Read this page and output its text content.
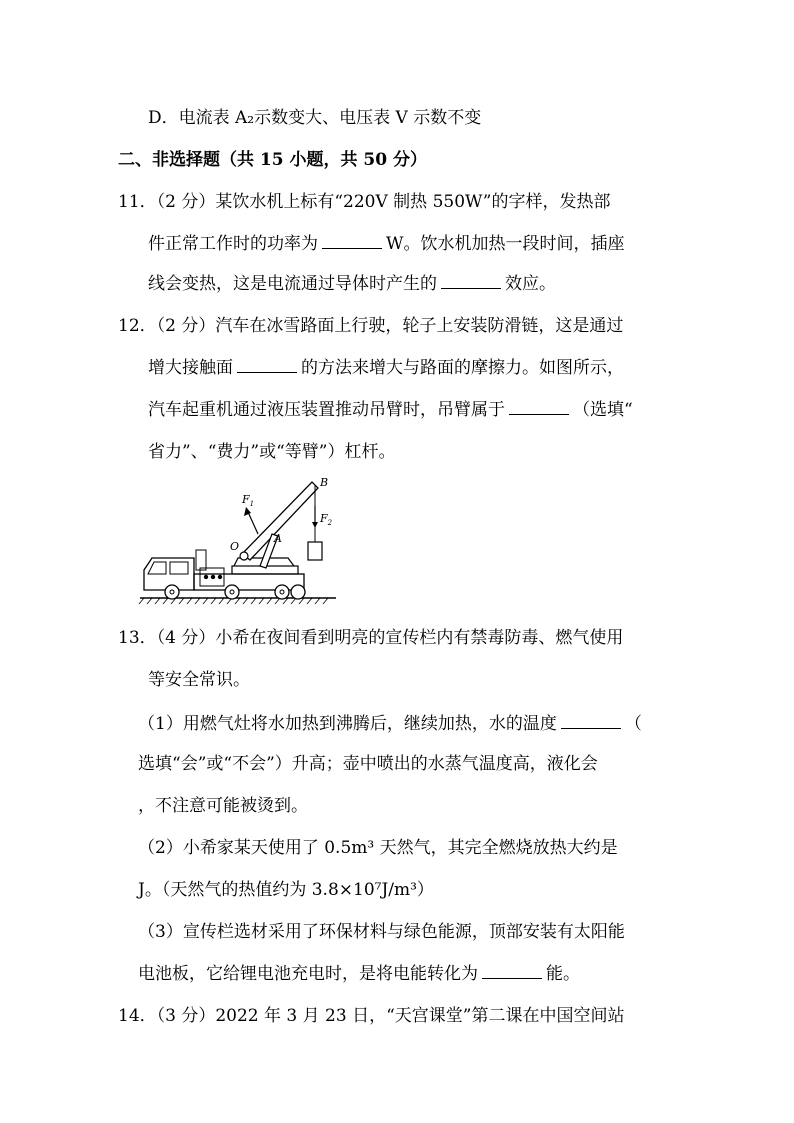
D．电流表 A₂示数变大、电压表 V 示数不变
二、非选择题（共 15 小题，共 50 分）
11．（2 分）某饮水机上标有“220V 制热 550W”的字样，发热部
件正常工作时的功率为	W。饮水机加热一段时间，插座
线会变热，这是电流通过导体时产生的	效应。
12．（2 分）汽车在冰雪路面上行驶，轮子上安装防滑链，这是通过
增大接触面	的方法来增大与路面的摩擦力。如图所示，
汽车起重机通过液压装置推动吊臂时，吊臂属于	（选填“
省力”、“费力”或“等臂”）杠杆。
B
$F_1$
$F_2$
O
A
13．（4 分）小希在夜间看到明亮的宣传栏内有禁毒防毒、燃气使用
等安全常识。
（1）用燃气灶将水加热到沸腾后，继续加热，水的温度	（
选填“会”或“不会”）升高；壶中喷出的水蒸气温度高，液化会
，不注意可能被烫到。
（2）小希家某天使用了 0.5m³ 天然气，其完全燃烧放热大约是
J。（天然气的热值约为 3.8×10⁷J/m³）
（3）宣传栏选材采用了环保材料与绿色能源，顶部安装有太阳能
电池板，它给锂电池充电时，是将电能转化为	能。
14．（3 分）2022 年 3 月 23 日，“天宫课堂”第二课在中国空间站
